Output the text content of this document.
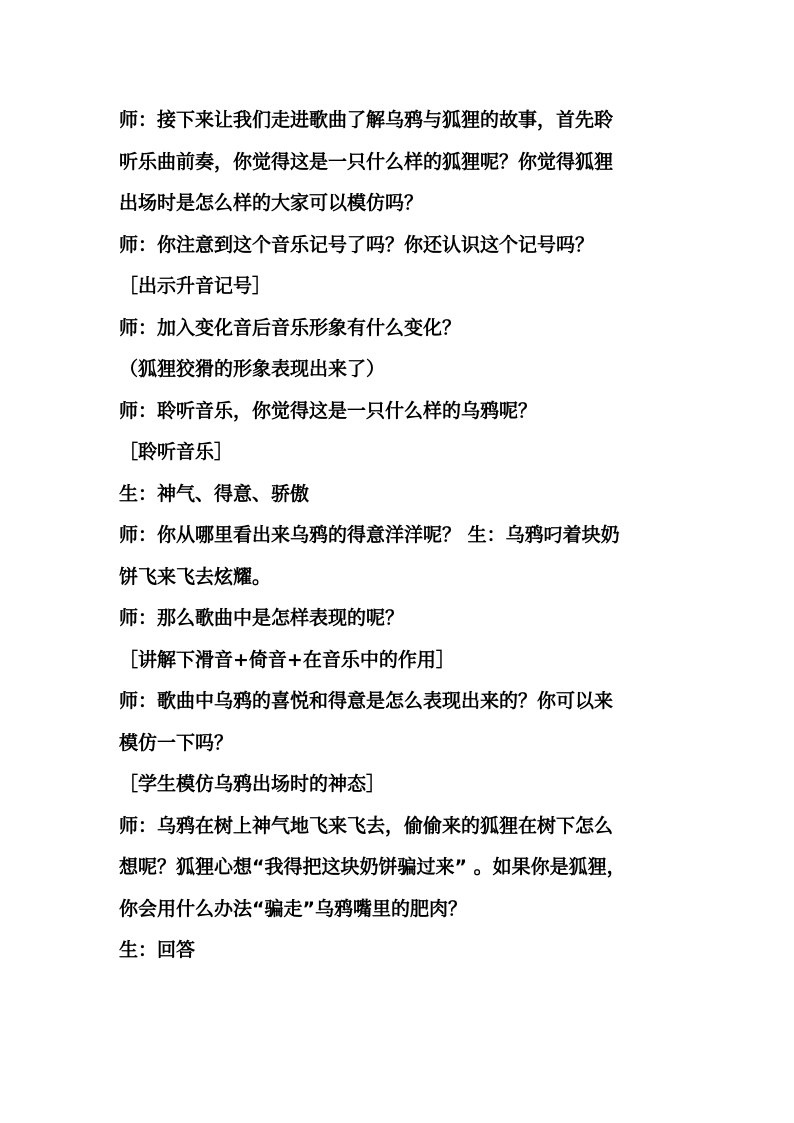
师：接下来让我们走进歌曲了解乌鸦与狐狸的故事，首先聆
听乐曲前奏，你觉得这是一只什么样的狐狸呢？你觉得狐狸
出场时是怎么样的大家可以模仿吗？
师：你注意到这个音乐记号了吗？你还认识这个记号吗？
［出示升音记号］
师：加入变化音后音乐形象有什么变化？
（狐狸狡猾的形象表现出来了）
师：聆听音乐，你觉得这是一只什么样的乌鸦呢？
［聆听音乐］
生：神气、得意、骄傲
师：你从哪里看出来乌鸦的得意洋洋呢？ 生：乌鸦叼着块奶
饼飞来飞去炫耀。
师：那么歌曲中是怎样表现的呢？
［讲解下滑音+倚音+在音乐中的作用］
师：歌曲中乌鸦的喜悦和得意是怎么表现出来的？你可以来
模仿一下吗？
［学生模仿乌鸦出场时的神态］
师：乌鸦在树上神气地飞来飞去，偷偷来的狐狸在树下怎么
想呢？狐狸心想“我得把这块奶饼骗过来” 。如果你是狐狸，
你会用什么办法“骗走”乌鸦嘴里的肥肉？
生：回答
